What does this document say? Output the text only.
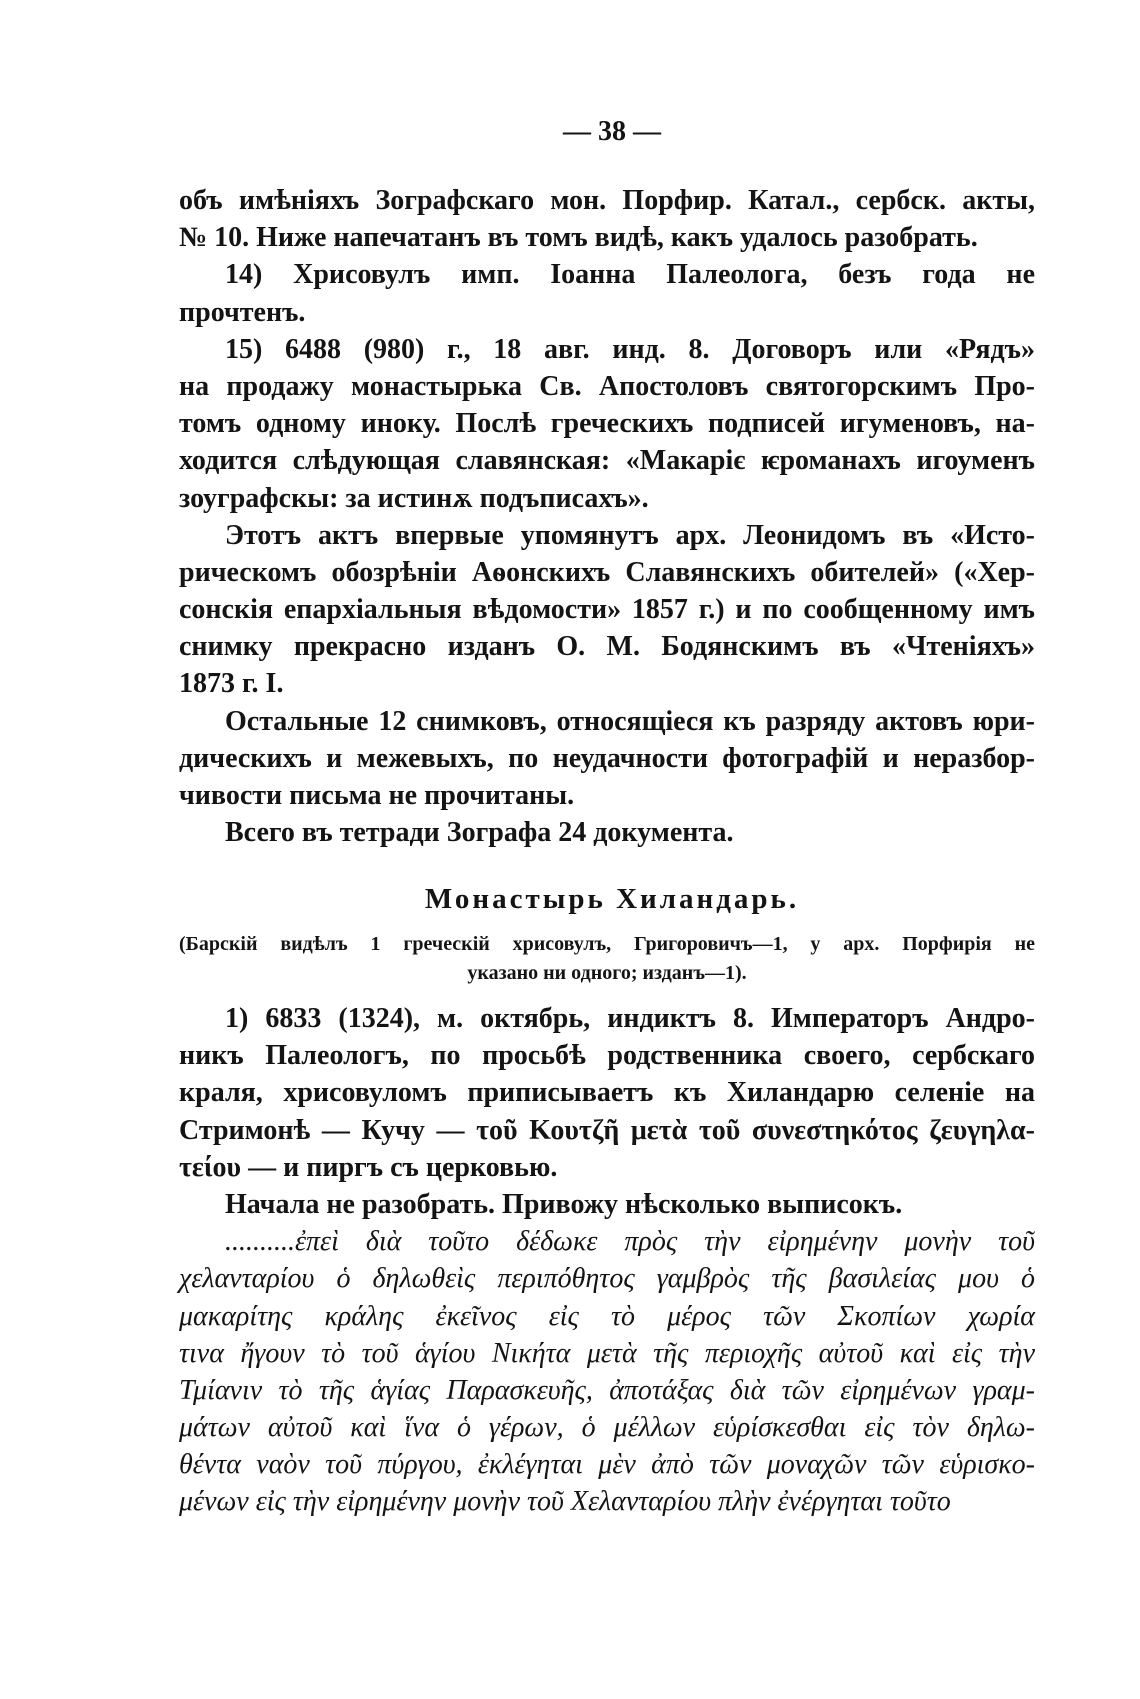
— 38 —
объ имѣніяхъ Зографскаго мон. Порфир. Катал., сербск. акты,
№ 10. Ниже напечатанъ въ томъ видѣ, какъ удалось разобрать.
14) Хрисовулъ имп. Іоанна Палеолога, безъ года не
прочтенъ.
15) 6488 (980) г., 18 авг. инд. 8. Договоръ или «Рядъ»
на продажу монастырька Св. Апостоловъ святогорскимъ Про-
томъ одному иноку. Послѣ греческихъ подписей игуменовъ, на-
ходится слѣдующая славянская: «Макаріє ѥроманахъ игоуменъ
зоуграфскы: за истинѫ подъписахъ».
Этотъ актъ впервые упомянутъ арх. Леонидомъ въ «Исто-
рическомъ обозрѣніи Аѳонскихъ Славянскихъ обителей» («Хер-
сонскія епархіальныя вѣдомости» 1857 г.) и по сообщенному имъ
снимку прекрасно изданъ О. М. Бодянскимъ въ «Чтеніяхъ»
1873 г. I.
Остальные 12 снимковъ, относящіеся къ разряду актовъ юри-
дическихъ и межевыхъ, по неудачности фотографій и неразбор-
чивости письма не прочитаны.
Всего въ тетради Зографа 24 документа.
Монастырь Хиландарь.
(Барскій видѣлъ 1 греческій хрисовулъ, Григоровичъ—1, у арх. Порфирія не
указано ни одного; изданъ—1).
1) 6833 (1324), м. октябрь, индиктъ 8. Императоръ Андро-
никъ Палеологъ, по просьбѣ родственника своего, сербскаго
краля, хрисовуломъ приписываетъ къ Хиландарю селеніе на
Стримонѣ — Кучу — τοῦ Κουτζῆ μετὰ τοῦ συνεστηκότος ζευγηλα-
τείου — и пиргъ съ церковью.
Начала не разобрать. Привожу нѣсколько выписокъ.
..........ἐπεὶ διὰ τοῦτο δέδωκε πρὸς τὴν εἰρημένην μονὴν τοῦ
χελανταρίου ὁ δηλωθεὶς περιπόθητος γαμβρὸς τῆς βασιλείας μου ὁ
μακαρίτης κράλης ἐκεῖνος εἰς τὸ μέρος τῶν Σκοπίων χωρία
τινα ἤγουν τὸ τοῦ ἁγίου Νικήτα μετὰ τῆς περιοχῆς αὐτοῦ καὶ εἰς τὴν
Τμίανιν τὸ τῆς ἁγίας Παρασκευῆς, ἀποτάξας διὰ τῶν εἰρημένων γραμ-
μάτων αὐτοῦ καὶ ἵνα ὁ γέρων, ὁ μέλλων εὑρίσκεσθαι εἰς τὸν δηλω-
θέντα ναὸν τοῦ πύργου, ἐκλέγηται μὲν ἀπὸ τῶν μοναχῶν τῶν εὑρισκο-
μένων εἰς τὴν εἰρημένην μονὴν τοῦ Χελανταρίου πλὴν ἐνέργηται τοῦτο
